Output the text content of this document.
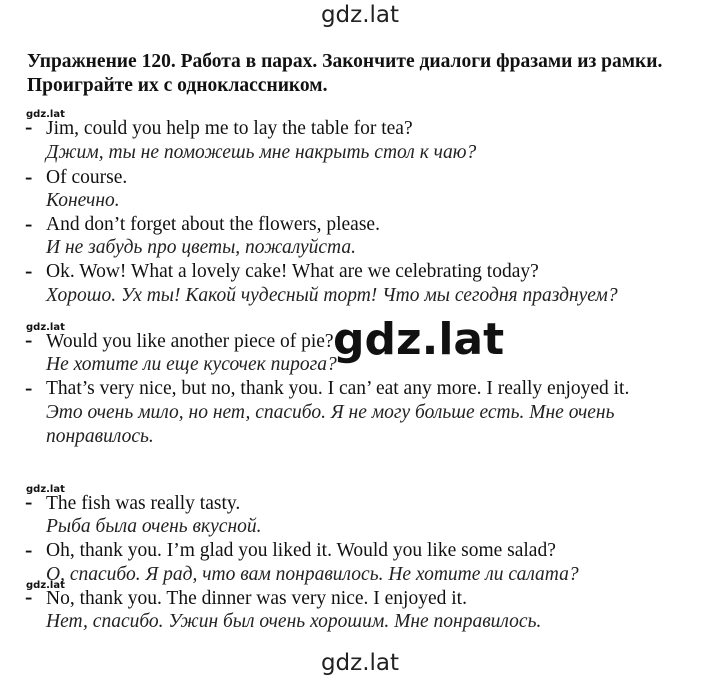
gdz.lat
Упражнение 120. Работа в парах. Закончите диалоги фразами из рамки. Проиграйте их с одноклассником.
gdz.lat
- Jim, could you help me to lay the table for tea?
Джим, ты не поможешь мне накрыть стол к чаю?
- Of course.
Конечно.
- And don’t forget about the flowers, please.
И не забудь про цветы, пожалуйста.
- Ok. Wow! What a lovely cake! What are we celebrating today?
Хорошо. Ух ты! Какой чудесный торт! Что мы сегодня празднуем?
gdz.lat
- Would you like another piece of pie?
Не хотите ли еще кусочек пирога?
- That’s very nice, but no, thank you. I can’ eat any more. I really enjoyed it.
Это очень мило, но нет, спасибо. Я не могу больше есть. Мне очень
понравилось.
gdz.lat
gdz.lat
- The fish was really tasty.
Рыба была очень вкусной.
- Oh, thank you. I’m glad you liked it. Would you like some salad?
О, спасибо. Я рад, что вам понравилось. Не хотите ли салата?
gdz.lat
- No, thank you. The dinner was very nice. I enjoyed it.
Нет, спасибо. Ужин был очень хорошим. Мне понравилось.
gdz.lat
